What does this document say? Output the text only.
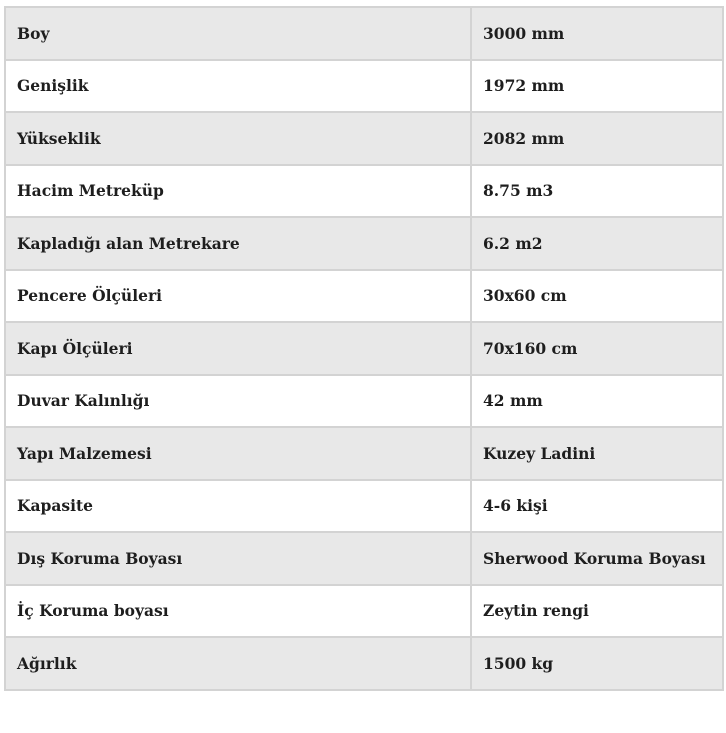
Boy	3000 mm
Genişlik	1972 mm
Yükseklik	2082 mm
Hacim Metreküp	8.75 m3
Kapladığı alan Metrekare	6.2 m2
Pencere Ölçüleri	30x60 cm
Kapı Ölçüleri	70x160 cm
Duvar Kalınlığı	42 mm
Yapı Malzemesi	Kuzey Ladini
Kapasite	4-6 kişi
Dış Koruma Boyası	Sherwood Koruma Boyası
İç Koruma boyası	Zeytin rengi
Ağırlık	1500 kg
